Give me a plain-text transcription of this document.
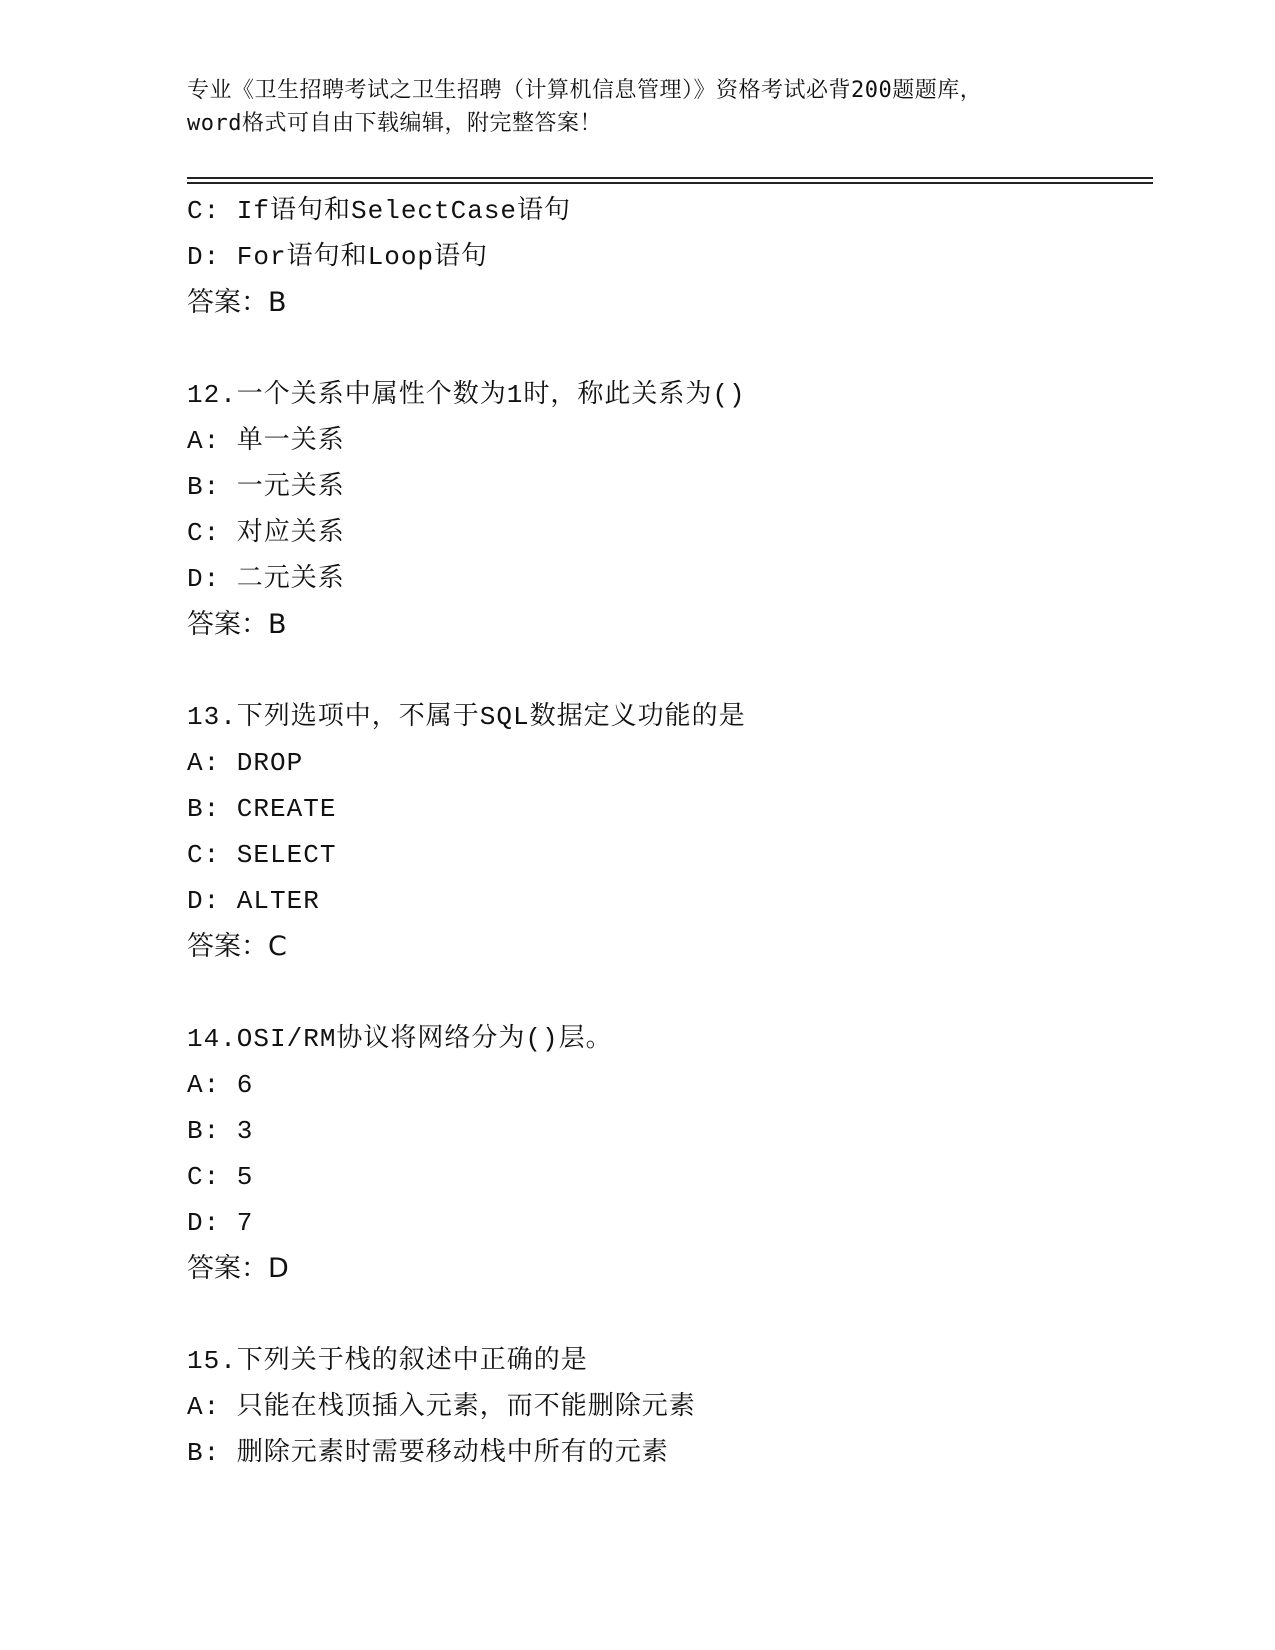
专业《卫生招聘考试之卫生招聘（计算机信息管理）》资格考试必背200题题库，
word格式可自由下载编辑，附完整答案！
C: If语句和SelectCase语句
D: For语句和Loop语句
答案：B
12.一个关系中属性个数为1时，称此关系为()
A: 单一关系
B: 一元关系
C: 对应关系
D: 二元关系
答案：B
13.下列选项中，不属于SQL数据定义功能的是
A: DROP
B: CREATE
C: SELECT
D: ALTER
答案：C
14.OSI/RM协议将网络分为()层。
A: 6
B: 3
C: 5
D: 7
答案：D
15.下列关于栈的叙述中正确的是
A: 只能在栈顶插入元素，而不能删除元素
B: 删除元素时需要移动栈中所有的元素
